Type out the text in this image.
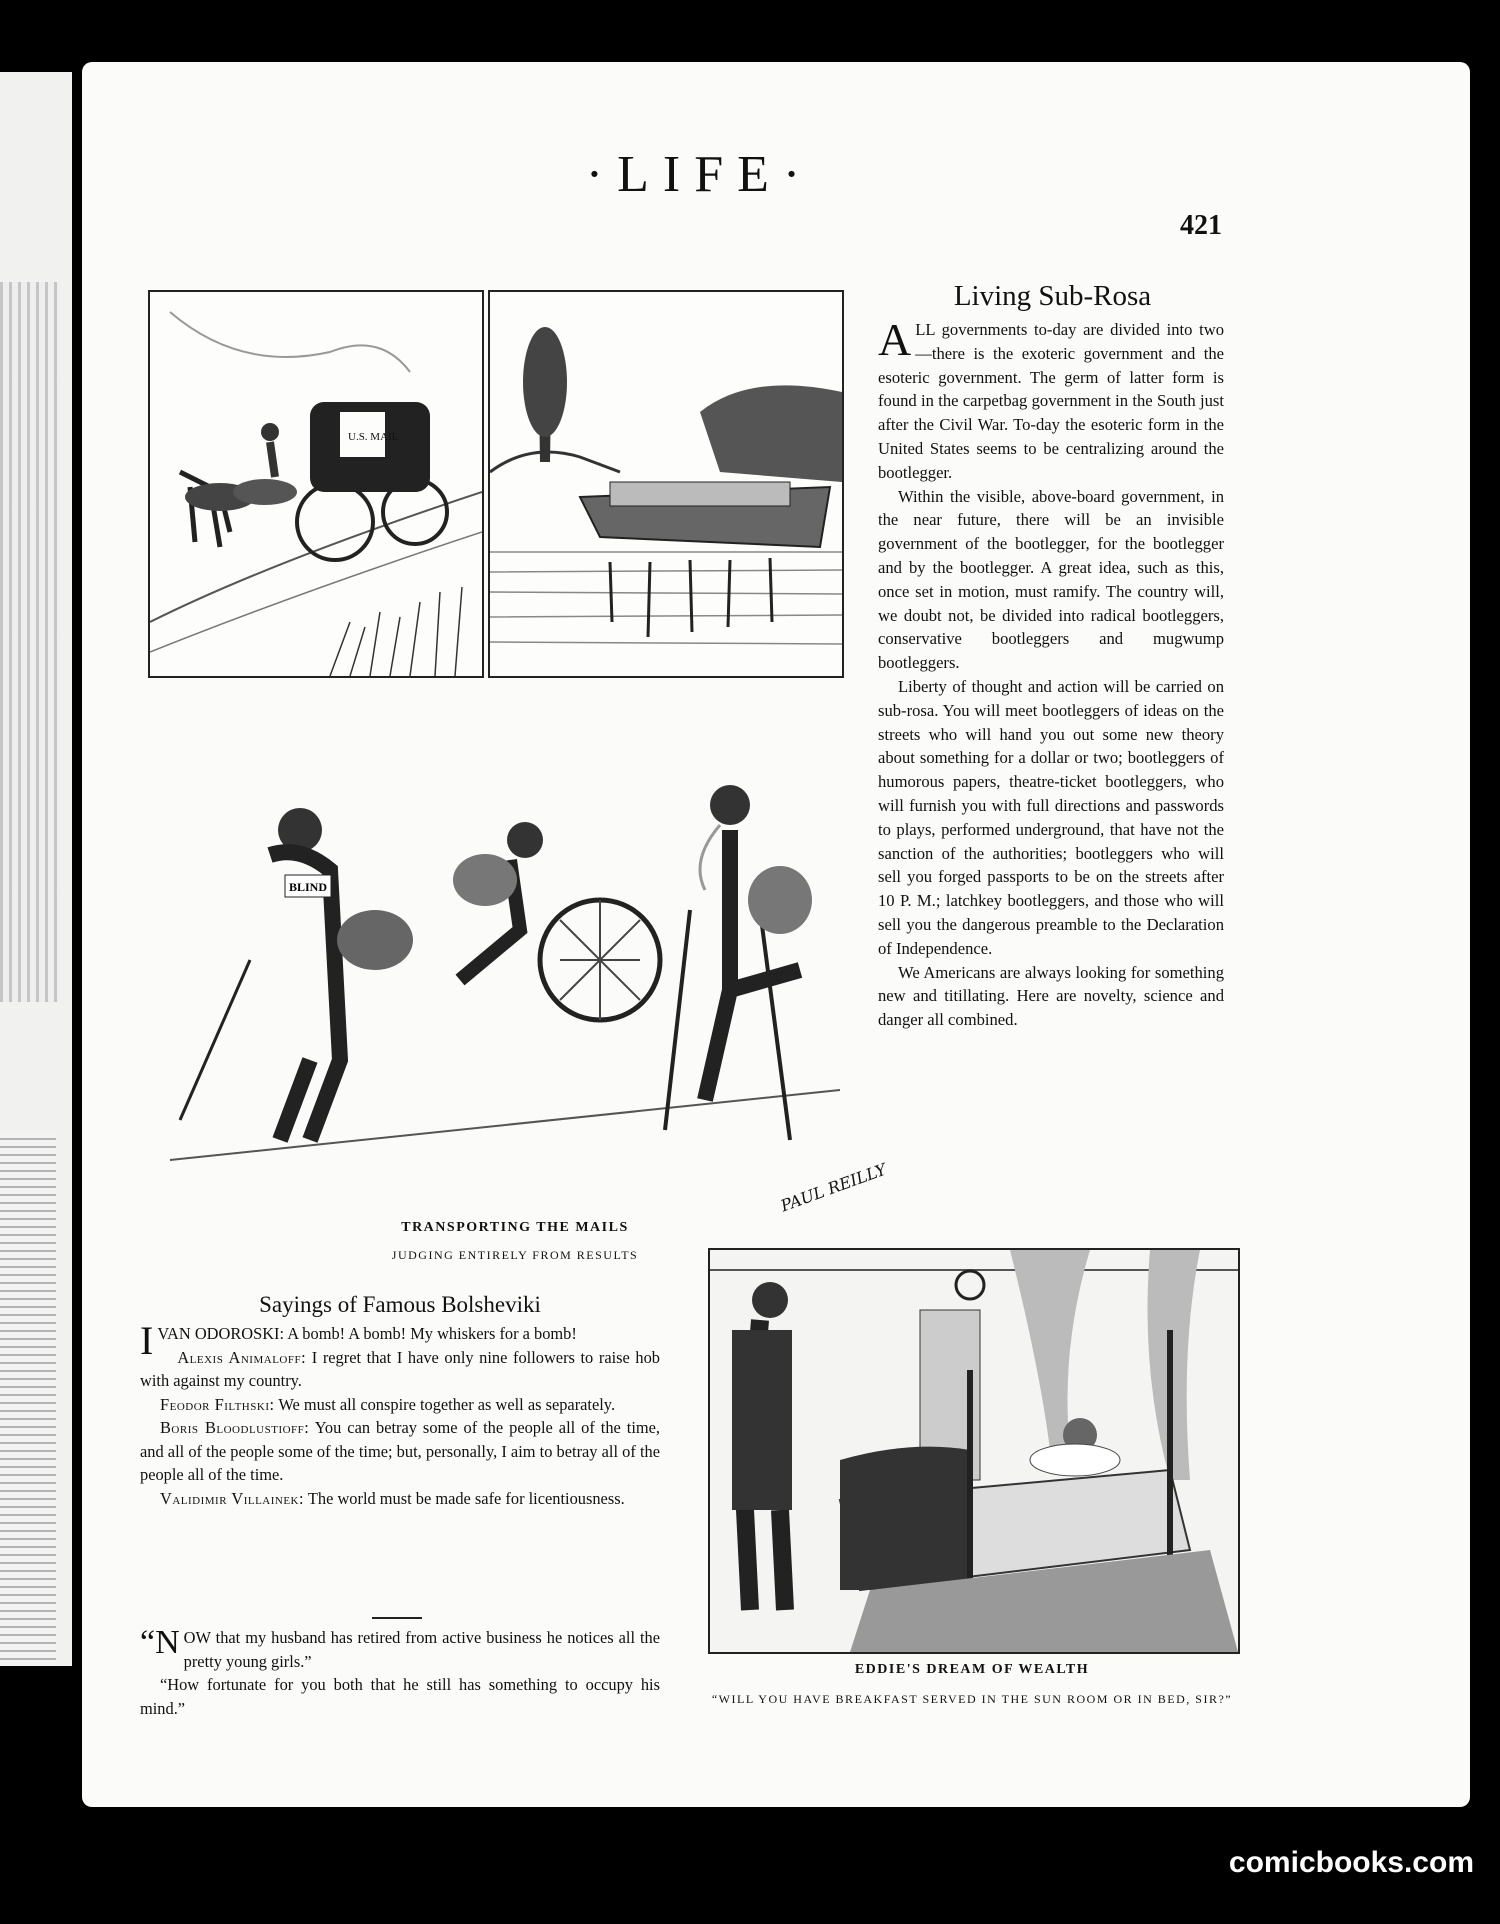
·LIFE·
421
U.S. MAIL
BLIND
PAUL REILLY
TRANSPORTING THE MAILS
JUDGING ENTIRELY FROM RESULTS
Living Sub-Rosa

ALL governments to-day are divided into two—there is the exoteric government and the esoteric government. The germ of latter form is found in the carpetbag government in the South just after the Civil War. To-day the esoteric form in the United States seems to be centralizing around the bootlegger.

Within the visible, above-board government, in the near future, there will be an invisible government of the bootlegger, for the bootlegger and by the bootlegger. A great idea, such as this, once set in motion, must ramify. The country will, we doubt not, be divided into radical bootleggers, conservative bootleggers and mugwump bootleggers.

Liberty of thought and action will be carried on sub-rosa. You will meet bootleggers of ideas on the streets who will hand you out some new theory about something for a dollar or two; bootleggers of humorous papers, theatre-ticket bootleggers, who will furnish you with full directions and passwords to plays, performed underground, that have not the sanction of the authorities; bootleggers who will sell you forged passports to be on the streets after 10 P. M.; latchkey bootleggers, and those who will sell you the dangerous preamble to the Declaration of Independence.

We Americans are always looking for something new and titillating. Here are novelty, science and danger all combined.

Sayings of Famous Bolsheviki

IVAN ODOROSKI: A bomb! A bomb! My whiskers for a bomb!

Alexis Animaloff: I regret that I have only nine followers to raise hob with against my country.

Feodor Filthski: We must all conspire together as well as separately.

Boris Bloodlustioff: You can betray some of the people all of the time, and all of the people some of the time; but, personally, I aim to betray all of the people all of the time.

Validimir Villainek: The world must be made safe for licentiousness.

“NOW that my husband has retired from active business he notices all the pretty young girls.”

“How fortunate for you both that he still has something to occupy his mind.”

EDDIE'S DREAM OF WEALTH
“WILL YOU HAVE BREAKFAST SERVED IN THE SUN ROOM OR IN BED, SIR?”
comicbooks.com
